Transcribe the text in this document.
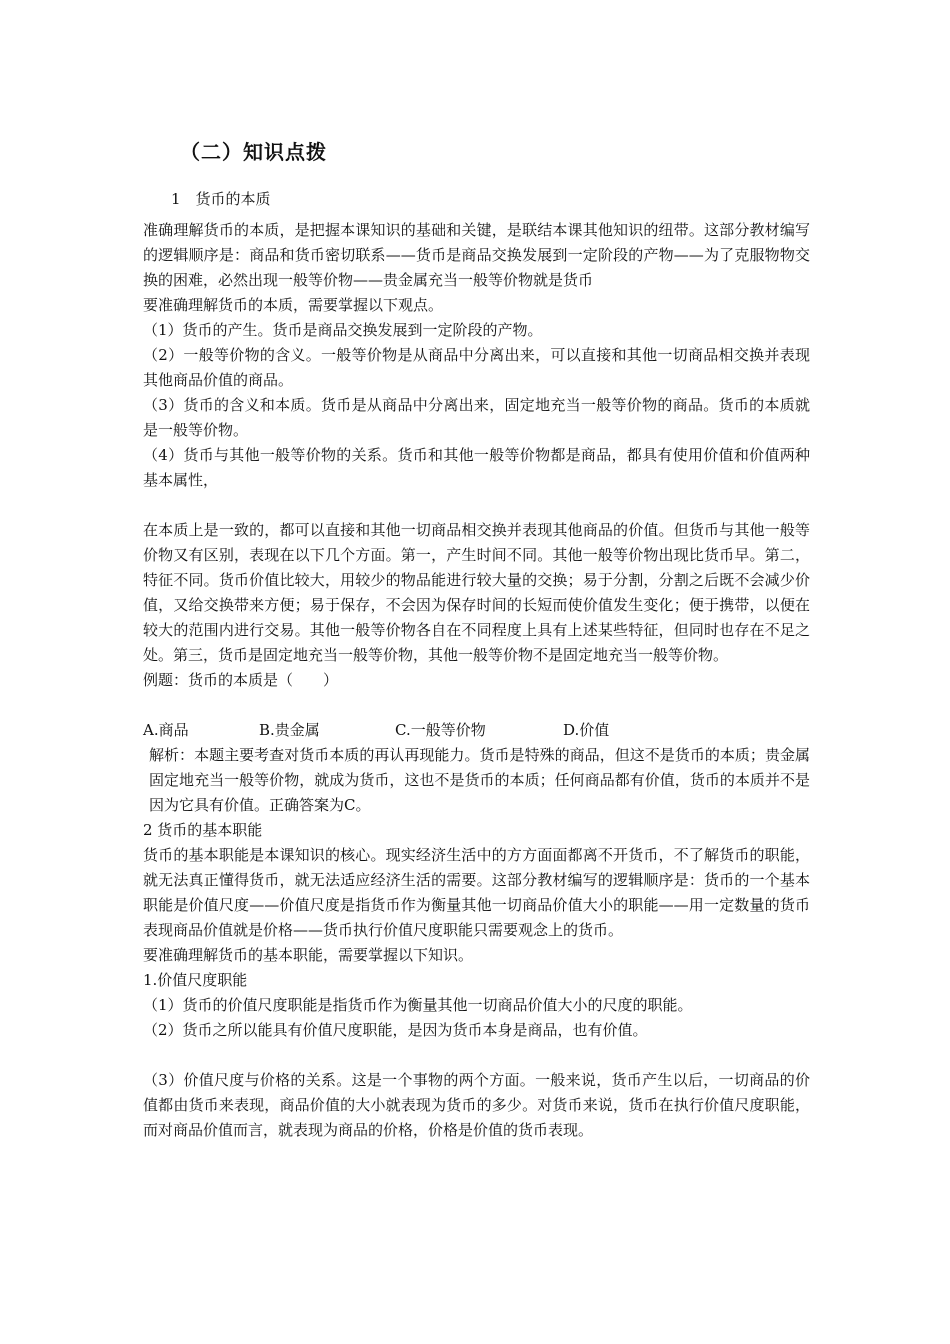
（二）知识点拨

1　货币的本质

准确理解货币的本质，是把握本课知识的基础和关键，是联结本课其他知识的纽带。这部分教材编写的逻辑顺序是：商品和货币密切联系——货币是商品交换发展到一定阶段的产物——为了克服物物交换的困难，必然出现一般等价物——贵金属充当一般等价物就是货币

要准确理解货币的本质，需要掌握以下观点。

（1）货币的产生。货币是商品交换发展到一定阶段的产物。

（2）一般等价物的含义。一般等价物是从商品中分离出来，可以直接和其他一切商品相交换并表现其他商品价值的商品。

（3）货币的含义和本质。货币是从商品中分离出来，固定地充当一般等价物的商品。货币的本质就是一般等价物。

（4）货币与其他一般等价物的关系。货币和其他一般等价物都是商品，都具有使用价值和价值两种基本属性，

在本质上是一致的，都可以直接和其他一切商品相交换并表现其他商品的价值。但货币与其他一般等价物又有区别，表现在以下几个方面。第一，产生时间不同。其他一般等价物出现比货币早。第二，特征不同。货币价值比较大，用较少的物品能进行较大量的交换；易于分割，分割之后既不会减少价值，又给交换带来方便；易于保存，不会因为保存时间的长短而使价值发生变化；便于携带，以便在较大的范围内进行交易。其他一般等价物各自在不同程度上具有上述某些特征，但同时也存在不足之处。第三，货币是固定地充当一般等价物，其他一般等价物不是固定地充当一般等价物。

例题：货币的本质是（　　）

A.商品	B.贵金属	C.一般等价物	D.价值

解析：本题主要考查对货币本质的再认再现能力。货币是特殊的商品，但这不是货币的本质；贵金属固定地充当一般等价物，就成为货币，这也不是货币的本质；任何商品都有价值，货币的本质并不是因为它具有价值。正确答案为C。

2 货币的基本职能

货币的基本职能是本课知识的核心。现实经济生活中的方方面面都离不开货币，不了解货币的职能，就无法真正懂得货币，就无法适应经济生活的需要。这部分教材编写的逻辑顺序是：货币的一个基本职能是价值尺度——价值尺度是指货币作为衡量其他一切商品价值大小的职能——用一定数量的货币表现商品价值就是价格——货币执行价值尺度职能只需要观念上的货币。

要准确理解货币的基本职能，需要掌握以下知识。

1.价值尺度职能

（1）货币的价值尺度职能是指货币作为衡量其他一切商品价值大小的尺度的职能。

（2）货币之所以能具有价值尺度职能，是因为货币本身是商品，也有价值。

（3）价值尺度与价格的关系。这是一个事物的两个方面。一般来说，货币产生以后，一切商品的价值都由货币来表现，商品价值的大小就表现为货币的多少。对货币来说，货币在执行价值尺度职能，而对商品价值而言，就表现为商品的价格，价格是价值的货币表现。
